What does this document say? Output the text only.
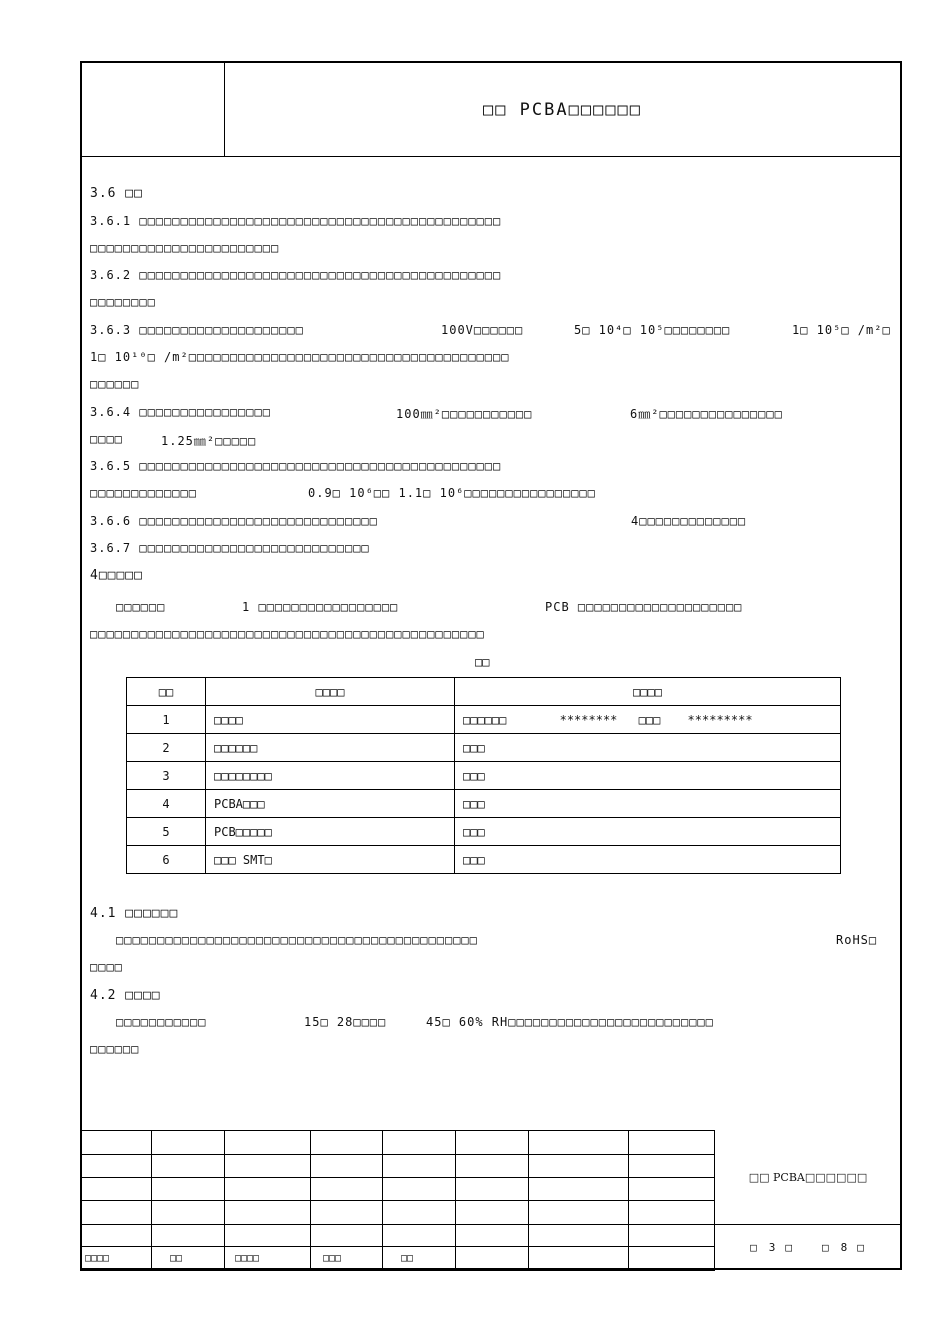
□□ PCBA□□□□□□
3.6 □□
3.6.1 □□□□□□□□□□□□□□□□□□□□□□□□□□□□□□□□□□□□□□□□□□□□
□□□□□□□□□□□□□□□□□□□□□□□
3.6.2 □□□□□□□□□□□□□□□□□□□□□□□□□□□□□□□□□□□□□□□□□□□□
□□□□□□□□
3.6.3 □□□□□□□□□□□□□□□□□□□□	100V□□□□□□	5□ 10⁴□ 10⁵□□□□□□□□	1□ 10⁵□ /m²□
1□ 10¹⁰□ /m²□□□□□□□□□□□□□□□□□□□□□□□□□□□□□□□□□□□□□□□
□□□□□□
3.6.4 □□□□□□□□□□□□□□□□	100㎜²□□□□□□□□□□□	6㎜²□□□□□□□□□□□□□□□
□□□□	1.25㎜²□□□□□
3.6.5 □□□□□□□□□□□□□□□□□□□□□□□□□□□□□□□□□□□□□□□□□□□□
□□□□□□□□□□□□□	0.9□ 10⁶□□ 1.1□ 10⁶□□□□□□□□□□□□□□□□
3.6.6 □□□□□□□□□□□□□□□□□□□□□□□□□□□□□	4□□□□□□□□□□□□□
3.6.7 □□□□□□□□□□□□□□□□□□□□□□□□□□□□
4□□□□□
□□□□□□	1 □□□□□□□□□□□□□□□□□	PCB □□□□□□□□□□□□□□□□□□□□
□□□□□□□□□□□□□□□□□□□□□□□□□□□□□□□□□□□□□□□□□□□□□□□□
□□
□□	□□□□	□□□□
1	□□□□	□□□□□□ ******** □□□ *********
2	□□□□□□	□□□
3	□□□□□□□□	□□□
4	PCBA□□□	□□□
5	PCB□□□□□	□□□
6	□□□ SMT□	□□□
4.1 □□□□□□
□□□□□□□□□□□□□□□□□□□□□□□□□□□□□□□□□□□□□□□□□□□□	RoHS□
□□□□
4.2 □□□□
□□□□□□□□□□□	15□ 28□□□□	45□ 60% RH□□□□□□□□□□□□□□□□□□□□□□□□□
□□□□□□

□□□□	□□	□□□□	□□□	□□			
□□ PCBA□□□□□□
□ 3 □	□ 8 □
